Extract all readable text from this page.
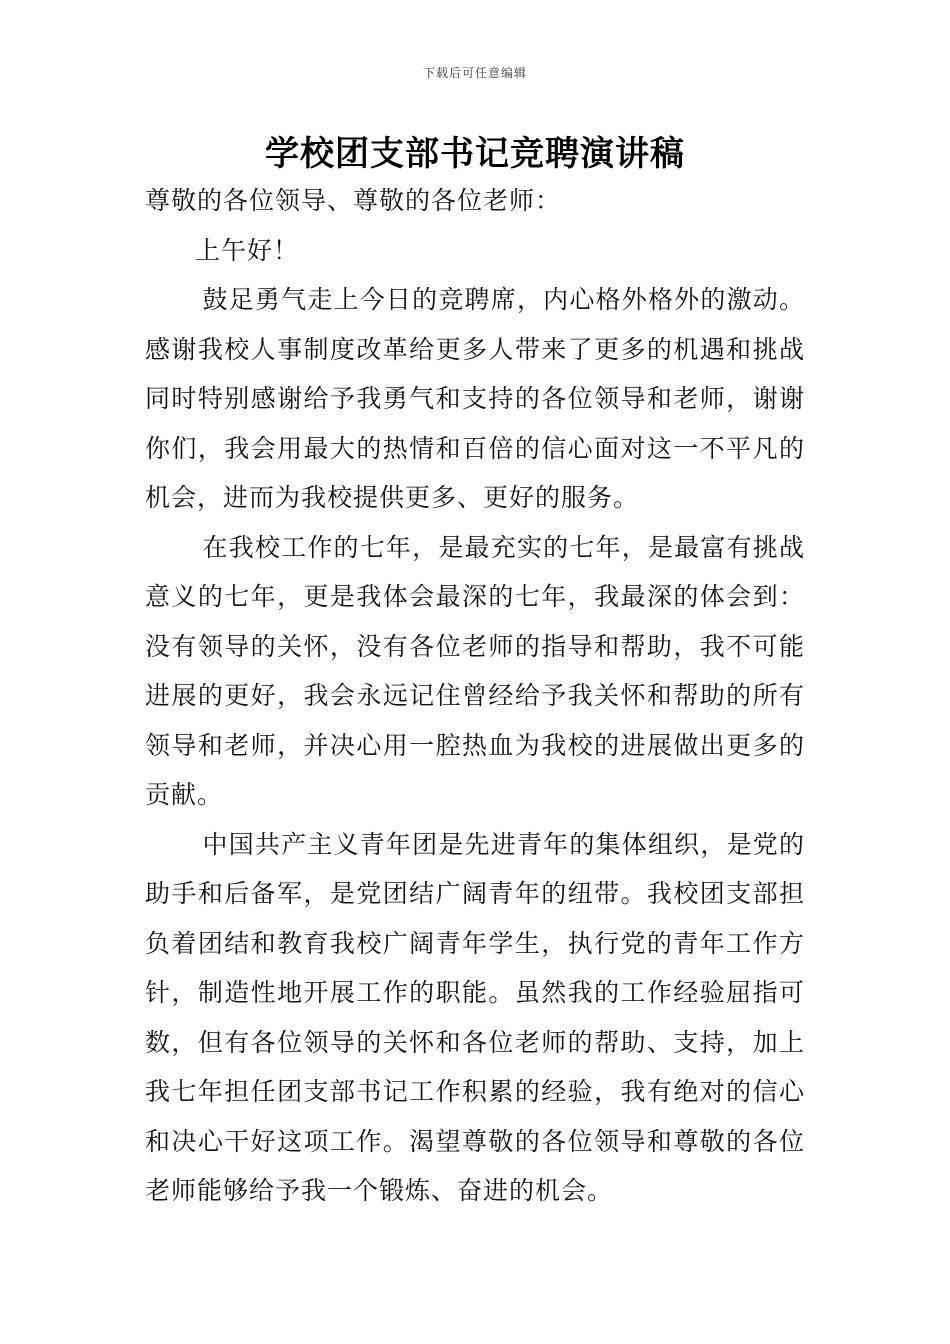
下载后可任意编辑
学校团支部书记竞聘演讲稿

尊敬的各位领导、尊敬的各位老师：

上午好！

鼓足勇气走上今日的竞聘席，内心格外格外的激动。感谢我校人事制度改革给更多人带来了更多的机遇和挑战同时特别感谢给予我勇气和支持的各位领导和老师，谢谢你们，我会用最大的热情和百倍的信心面对这一不平凡的机会，进而为我校提供更多、更好的服务。

在我校工作的七年，是最充实的七年，是最富有挑战意义的七年，更是我体会最深的七年，我最深的体会到：没有领导的关怀，没有各位老师的指导和帮助，我不可能进展的更好，我会永远记住曾经给予我关怀和帮助的所有领导和老师，并决心用一腔热血为我校的进展做出更多的贡献。

中国共产主义青年团是先进青年的集体组织，是党的助手和后备军，是党团结广阔青年的纽带。我校团支部担负着团结和教育我校广阔青年学生，执行党的青年工作方针，制造性地开展工作的职能。虽然我的工作经验屈指可数，但有各位领导的关怀和各位老师的帮助、支持，加上我七年担任团支部书记工作积累的经验，我有绝对的信心和决心干好这项工作。渴望尊敬的各位领导和尊敬的各位老师能够给予我一个锻炼、奋进的机会。
